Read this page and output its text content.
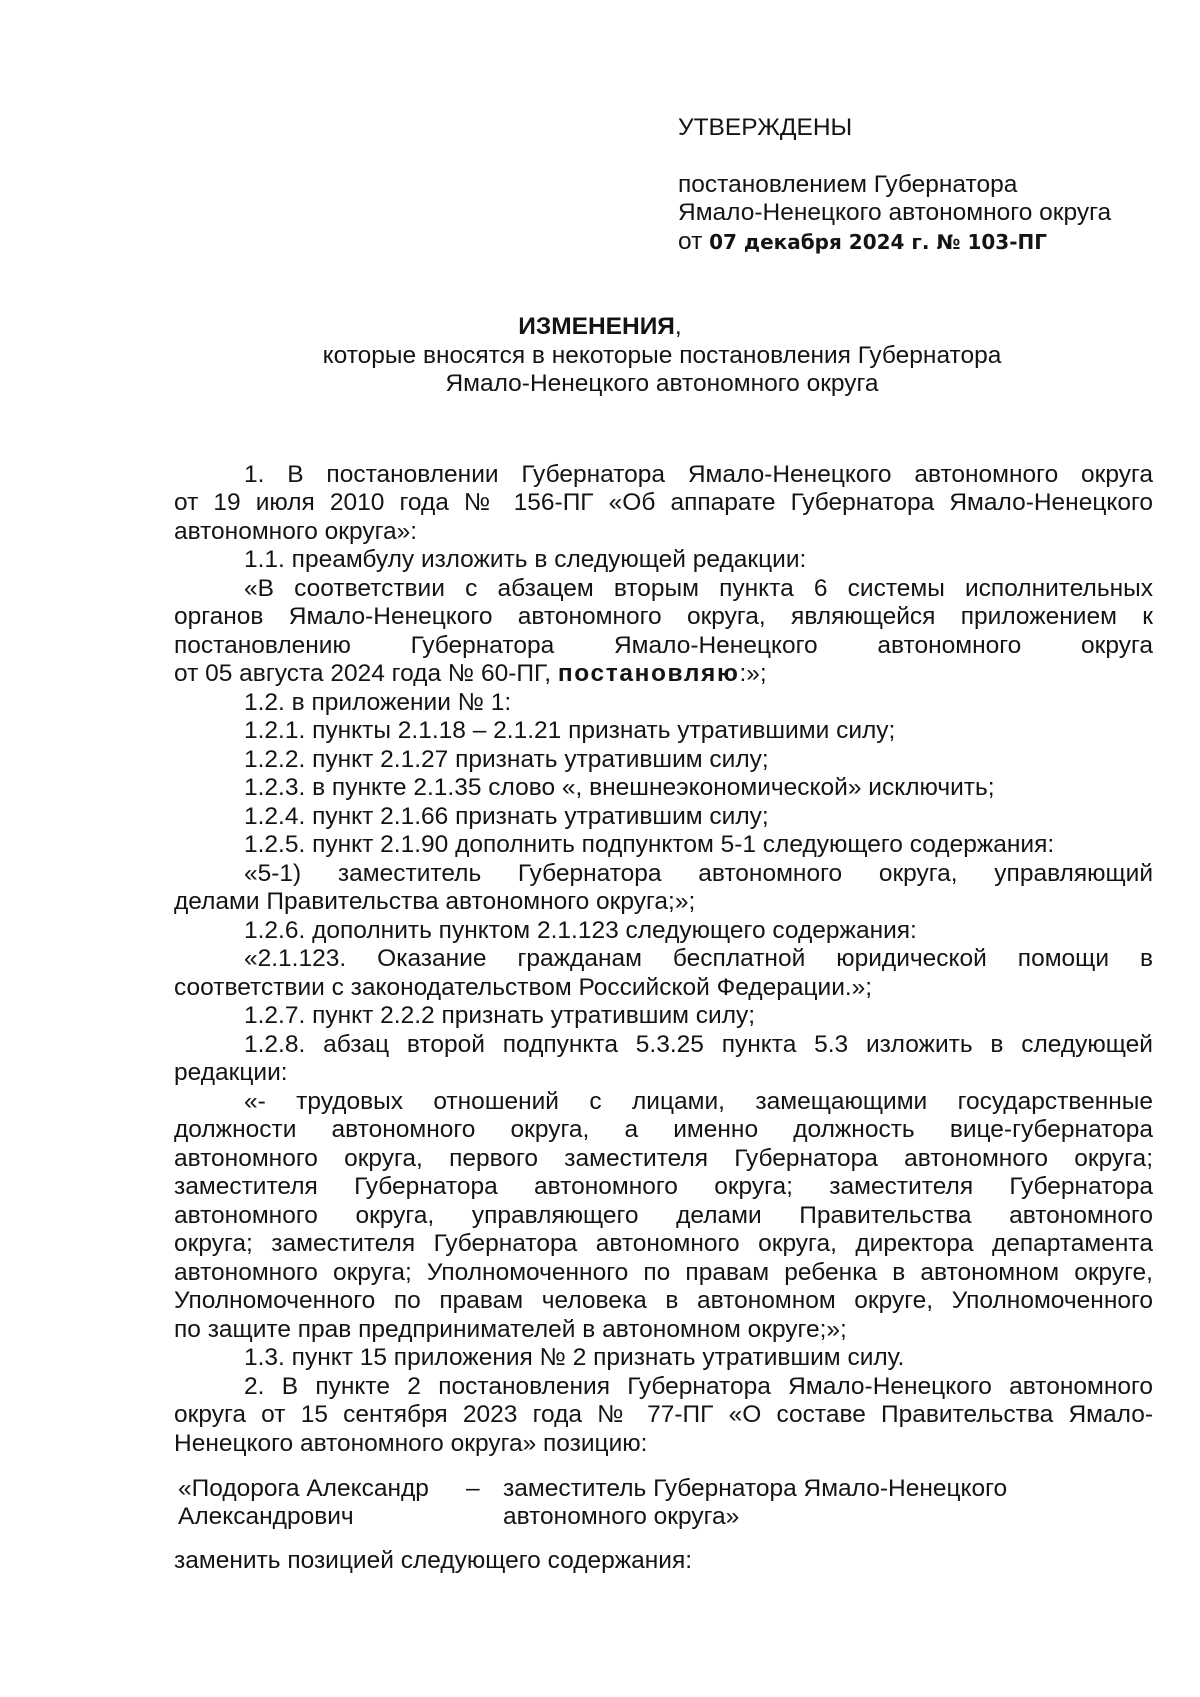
УТВЕРЖДЕНЫ
постановлением Губернатора
Ямало-Ненецкого автономного округа
от 07 декабря 2024 г. № 103-ПГ
ИЗМЕНЕНИЯ,
которые вносятся в некоторые постановления Губернатора
Ямало-Ненецкого автономного округа
1. В постановлении Губернатора Ямало-Ненецкого автономного округа
от 19 июля 2010 года № 156-ПГ «Об аппарате Губернатора Ямало-Ненецкого
автономного округа»:
1.1. преамбулу изложить в следующей редакции:
«В соответствии с абзацем вторым пункта 6 системы исполнительных
органов Ямало-Ненецкого автономного округа, являющейся приложением к
постановлению Губернатора Ямало-Ненецкого автономного округа
от 05 августа 2024 года № 60-ПГ, постановляю:»;
1.2. в приложении № 1:
1.2.1. пункты 2.1.18 – 2.1.21 признать утратившими силу;
1.2.2. пункт 2.1.27 признать утратившим силу;
1.2.3. в пункте 2.1.35 слово «, внешнеэкономической» исключить;
1.2.4. пункт 2.1.66 признать утратившим силу;
1.2.5. пункт 2.1.90 дополнить подпунктом 5-1 следующего содержания:
«5-1) заместитель Губернатора автономного округа, управляющий
делами Правительства автономного округа;»;
1.2.6. дополнить пунктом 2.1.123 следующего содержания:
«2.1.123. Оказание гражданам бесплатной юридической помощи в
соответствии с законодательством Российской Федерации.»;
1.2.7. пункт 2.2.2 признать утратившим силу;
1.2.8. абзац второй подпункта 5.3.25 пункта 5.3 изложить в следующей
редакции:
«- трудовых отношений с лицами, замещающими государственные
должности автономного округа, а именно должность вице-губернатора
автономного округа, первого заместителя Губернатора автономного округа;
заместителя Губернатора автономного округа; заместителя Губернатора
автономного округа, управляющего делами Правительства автономного
округа; заместителя Губернатора автономного округа, директора департамента
автономного округа; Уполномоченного по правам ребенка в автономном округе,
Уполномоченного по правам человека в автономном округе, Уполномоченного
по защите прав предпринимателей в автономном округе;»;
1.3. пункт 15 приложения № 2 признать утратившим силу.
2. В пункте 2 постановления Губернатора Ямало-Ненецкого автономного
округа от 15 сентября 2023 года № 77-ПГ «О составе Правительства Ямало-
Ненецкого автономного округа» позицию:
«Подорога Александр
Александрович
– заместитель Губернатора Ямало-Ненецкого
автономного округа»
заменить позицией следующего содержания:
